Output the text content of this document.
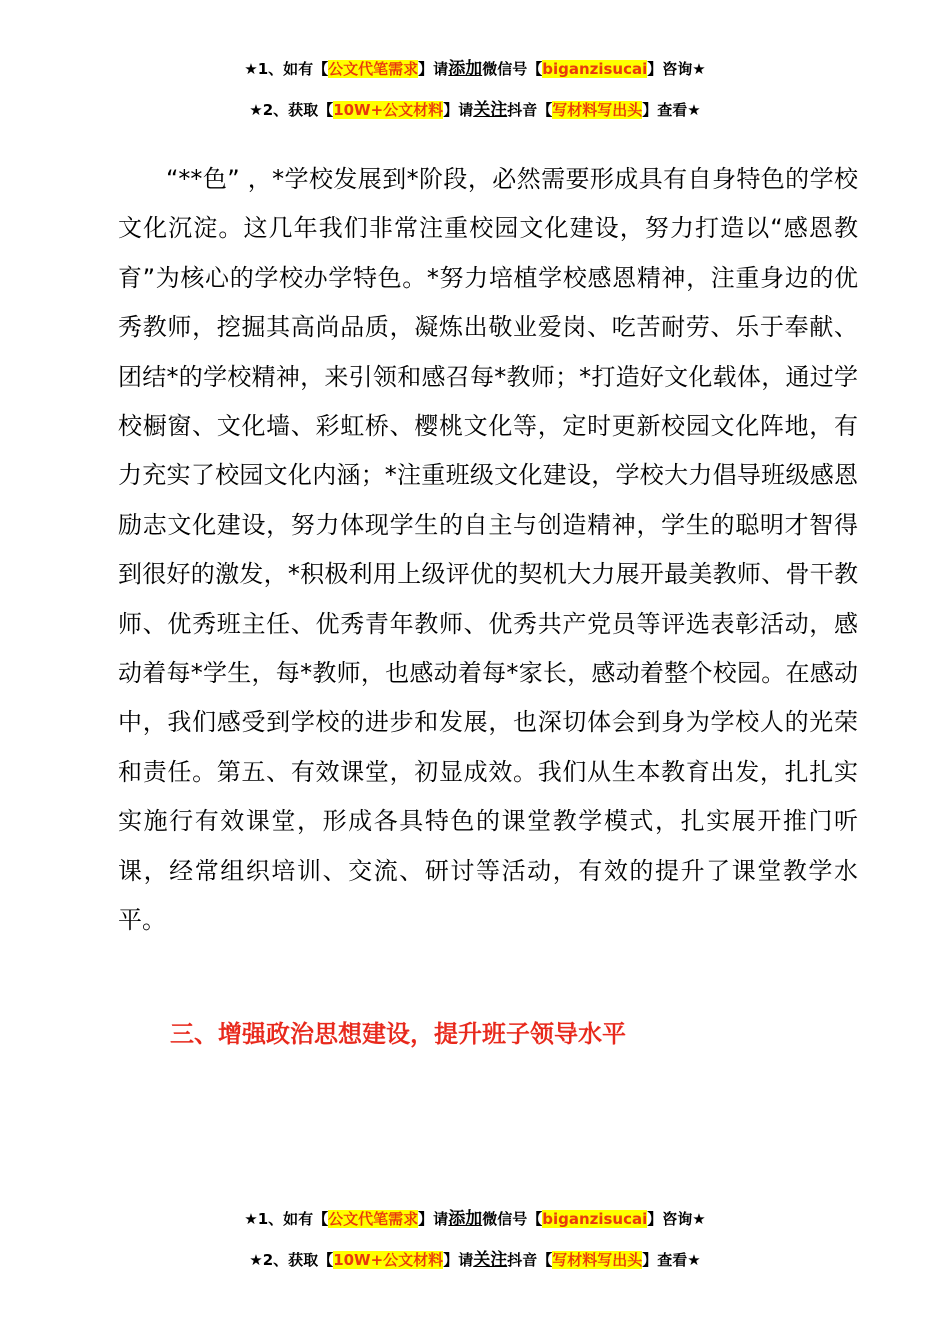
★1、如有【公文代笔需求】请添加微信号【biganzisucai】咨询★
★2、获取【10W+公文材料】请关注抖音【写材料写出头】查看★

“**色” ，*学校发展到*阶段，必然需要形成具有自身特色的学校文化沉淀。这几年我们非常注重校园文化建设，努力打造以“感恩教育”为核心的学校办学特色。*努力培植学校感恩精神，注重身边的优秀教师，挖掘其高尚品质，凝炼出敬业爱岗、吃苦耐劳、乐于奉献、团结*的学校精神，来引领和感召每*教师；*打造好文化载体，通过学校橱窗、文化墙、彩虹桥、樱桃文化等，定时更新校园文化阵地，有力充实了校园文化内涵；*注重班级文化建设，学校大力倡导班级感恩励志文化建设，努力体现学生的自主与创造精神，学生的聪明才智得到很好的激发，*积极利用上级评优的契机大力展开最美教师、骨干教师、优秀班主任、优秀青年教师、优秀共产党员等评选表彰活动，感动着每*学生，每*教师，也感动着每*家长，感动着整个校园。在感动中，我们感受到学校的进步和发展，也深切体会到身为学校人的光荣和责任。第五、有效课堂，初显成效。我们从生本教育出发，扎扎实实施行有效课堂，形成各具特色的课堂教学模式，扎实展开推门听课，经常组织培训、交流、研讨等活动，有效的提升了课堂教学水平。

三、增强政治思想建设，提升班子领导水平
★1、如有【公文代笔需求】请添加微信号【biganzisucai】咨询★
★2、获取【10W+公文材料】请关注抖音【写材料写出头】查看★
